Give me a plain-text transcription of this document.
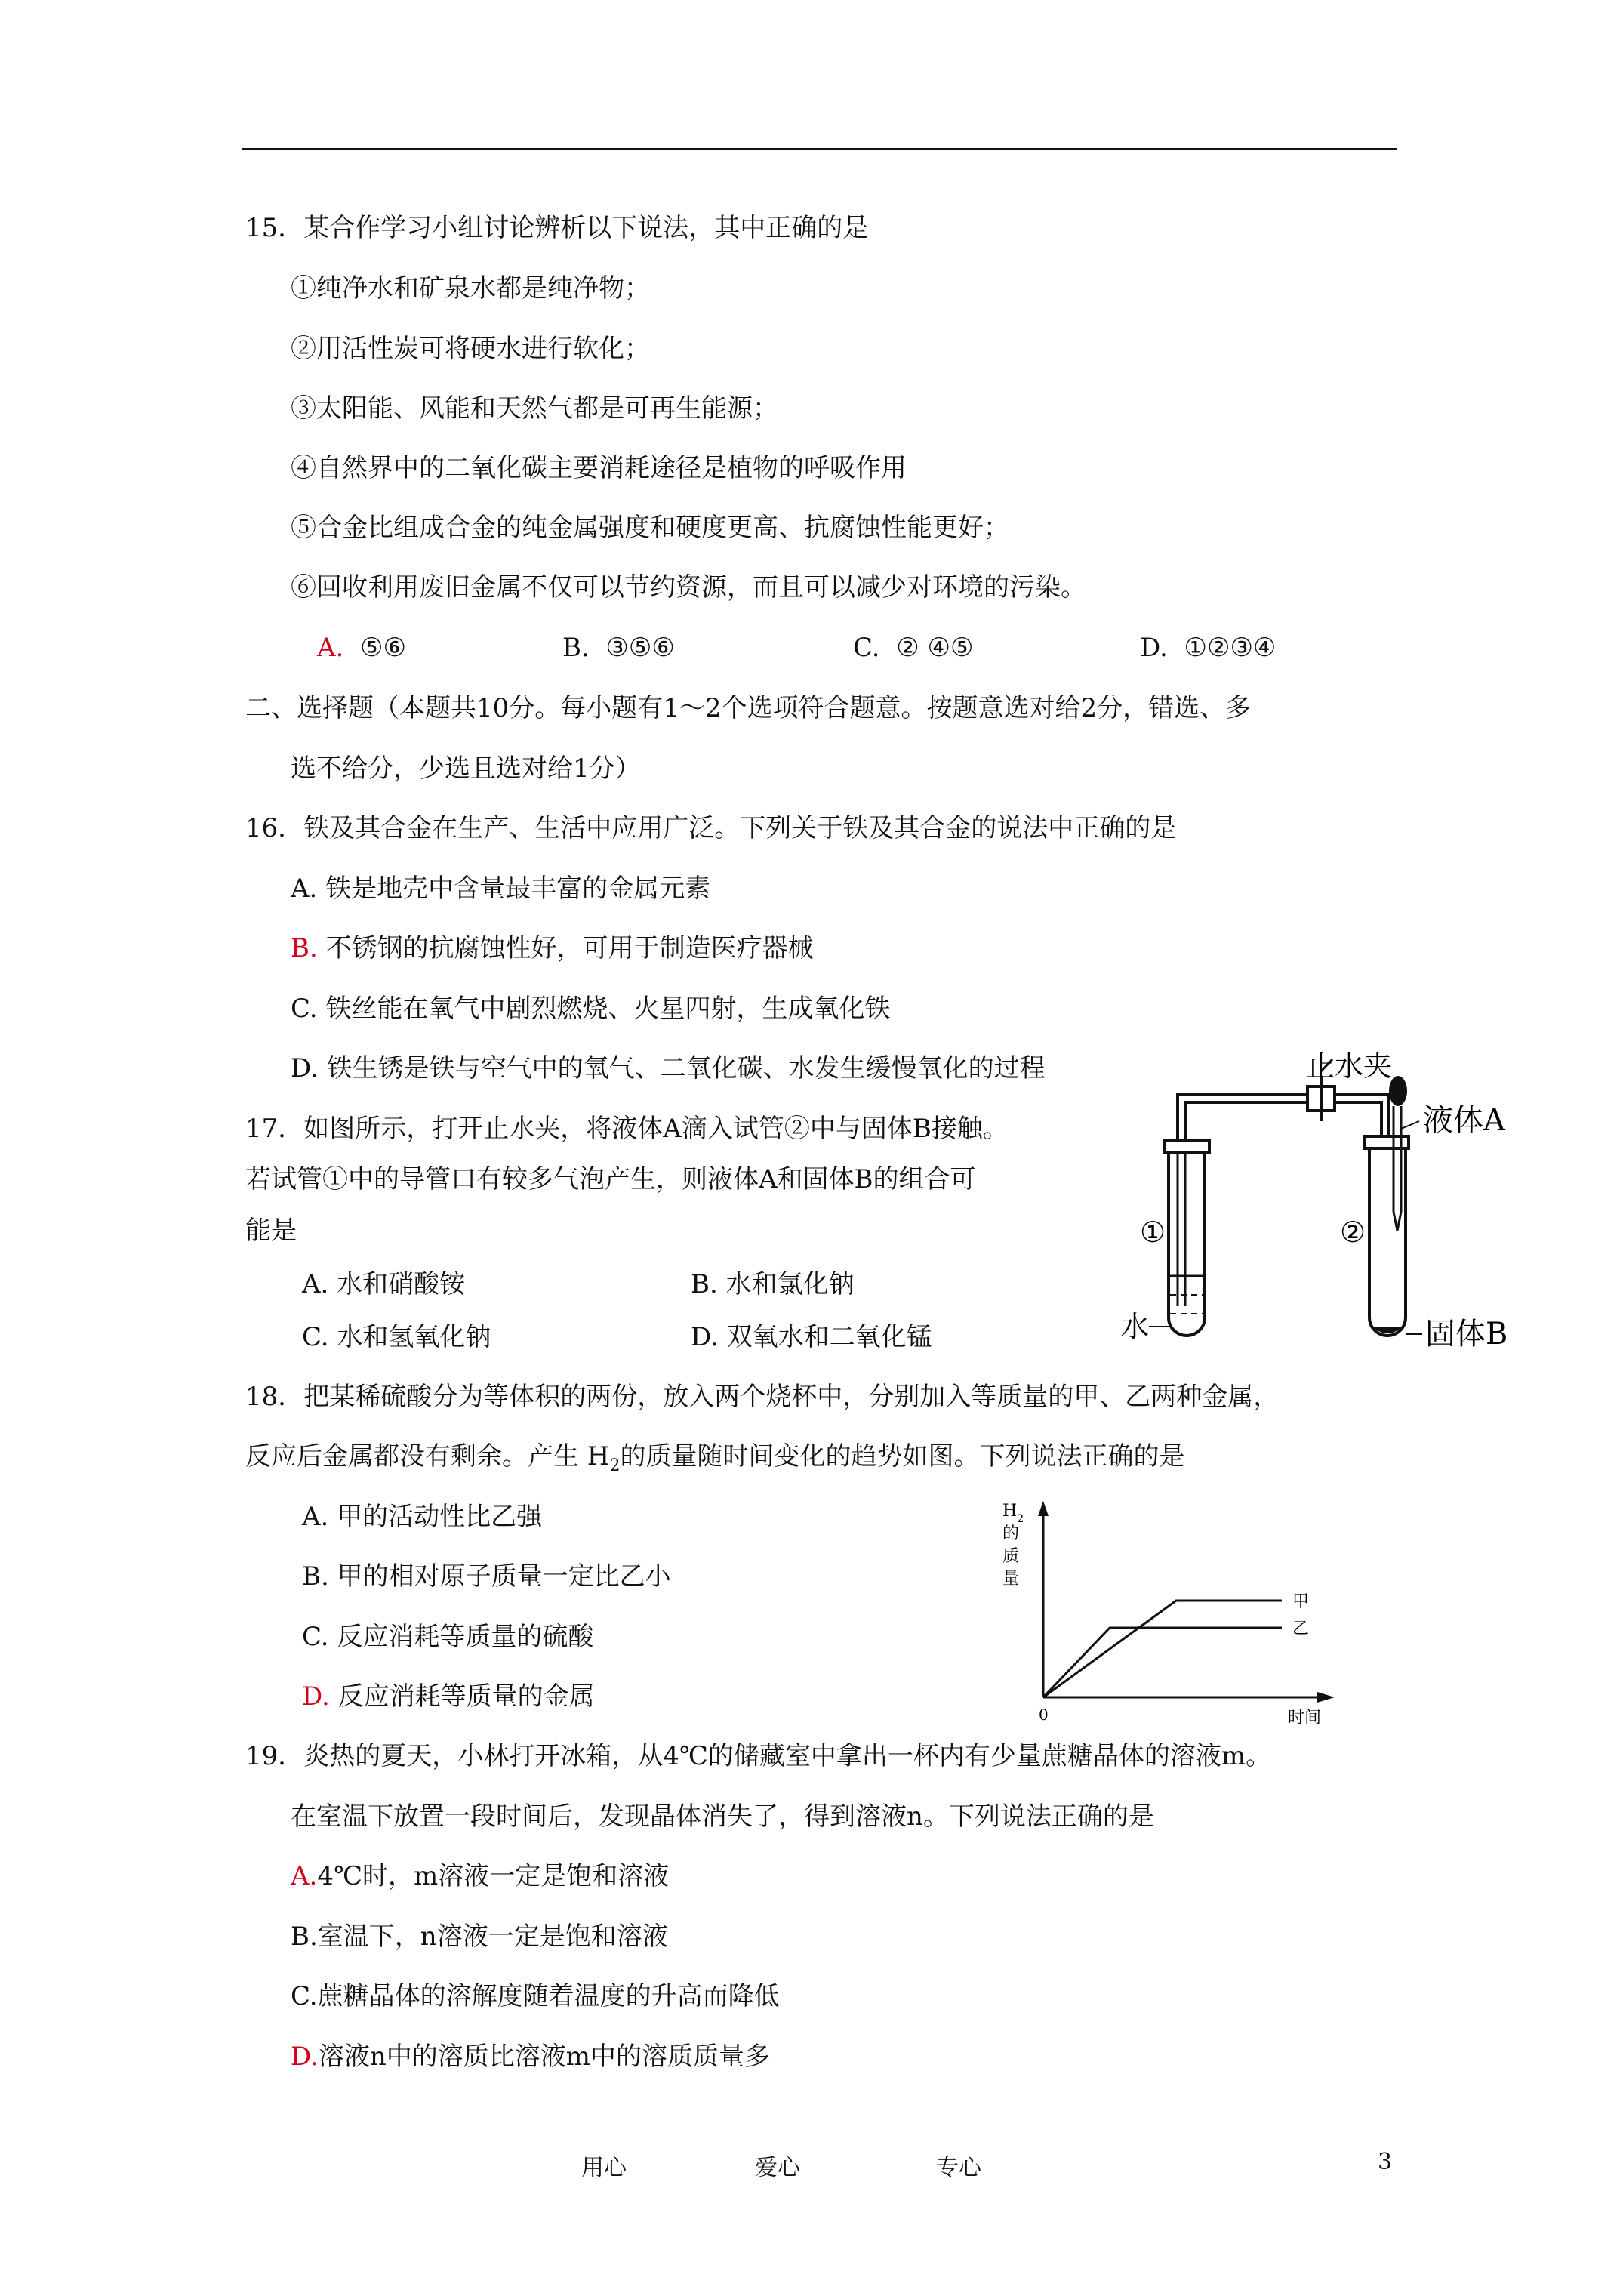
15．某合作学习小组讨论辨析以下说法，其中正确的是
①纯净水和矿泉水都是纯净物；
②用活性炭可将硬水进行软化；
③太阳能、风能和天然气都是可再生能源；
④自然界中的二氧化碳主要消耗途径是植物的呼吸作用
⑤合金比组成合金的纯金属强度和硬度更高、抗腐蚀性能更好；
⑥回收利用废旧金属不仅可以节约资源，而且可以减少对环境的污染。
A. ⑤⑥	B. ③⑤⑥	C. ② ④⑤	D. ①②③④
二、选择题（本题共10分。每小题有1～2个选项符合题意。按题意选对给2分，错选、多
选不给分，少选且选对给1分）
16．铁及其合金在生产、生活中应用广泛。下列关于铁及其合金的说法中正确的是
A. 铁是地壳中含量最丰富的金属元素
B. 不锈钢的抗腐蚀性好，可用于制造医疗器械
C. 铁丝能在氧气中剧烈燃烧、火星四射，生成氧化铁
D. 铁生锈是铁与空气中的氧气、二氧化碳、水发生缓慢氧化的过程
17．如图所示，打开止水夹，将液体A滴入试管②中与固体B接触。
若试管①中的导管口有较多气泡产生，则液体A和固体B的组合可
能是
A. 水和硝酸铵	B. 水和氯化钠
C. 水和氢氧化钠	D. 双氧水和二氧化锰
止水夹
液体A
①	②
水	固体B
18．把某稀硫酸分为等体积的两份，放入两个烧杯中，分别加入等质量的甲、乙两种金属，
反应后金属都没有剩余。产生 $H_2$的质量随时间变化的趋势如图。下列说法正确的是
A. 甲的活动性比乙强
B. 甲的相对原子质量一定比乙小
C. 反应消耗等质量的硫酸
D. 反应消耗等质量的金属
$H_2$
的
质
量
0	时间
甲
乙
19．炎热的夏天，小林打开冰箱，从4℃的储藏室中拿出一杯内有少量蔗糖晶体的溶液m。
在室温下放置一段时间后，发现晶体消失了，得到溶液n。下列说法正确的是
A.4℃时，m溶液一定是饱和溶液
B.室温下，n溶液一定是饱和溶液
C.蔗糖晶体的溶解度随着温度的升高而降低
D.溶液n中的溶质比溶液m中的溶质质量多
用心	爱心	专心	3
